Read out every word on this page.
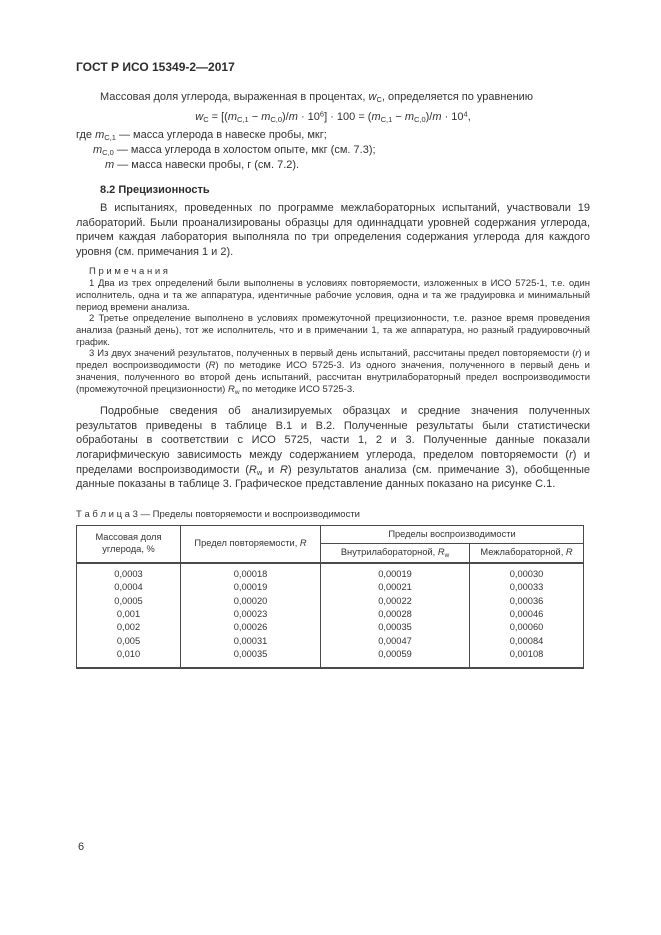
ГОСТ Р ИСО 15349-2—2017

Массовая доля углерода, выраженная в процентах, $w_C$, определяется по уравнению

$w_C = [(m_{C,1} - m_{C,0})/m \cdot 10^6] \cdot 100 = (m_{C,1} - m_{C,0})/m \cdot 10^4$,

где $m_{C,1}$ — масса углерода в навеске пробы, мкг;

$m_{C,0}$ — масса углерода в холостом опыте, мкг (см. 7.3);

m — масса навески пробы, г (см. 7.2).

8.2 Прецизионность

В испытаниях, проведенных по программе межлабораторных испытаний, участвовали 19 лабораторий. Были проанализированы образцы для одиннадцати уровней содержания углерода, причем каждая лаборатория выполняла по три определения содержания углерода для каждого уровня (см. примечания 1 и 2).

П р и м е ч а н и я

1 Два из трех определений были выполнены в условиях повторяемости, изложенных в ИСО 5725-1, т.е. один исполнитель, одна и та же аппаратура, идентичные рабочие условия, одна и та же градуировка и минимальный период времени анализа.

2 Третье определение выполнено в условиях промежуточной прецизионности, т.е. разное время проведения анализа (разный день), тот же исполнитель, что и в примечании 1, та же аппаратура, но разный градуировочный график.

3 Из двух значений результатов, полученных в первый день испытаний, рассчитаны предел повторяемости (r) и предел воспроизводимости (R) по методике ИСО 5725-3. Из одного значения, полученного в первый день и значения, полученного во второй день испытаний, рассчитан внутрилабораторный предел воспроизводимости (промежуточной прецизионности) $R_w$ по методике ИСО 5725-3.

Подробные сведения об анализируемых образцах и средние значения полученных результатов приведены в таблице В.1 и В.2. Полученные результаты были статистически обработаны в соответствии с ИСО 5725, части 1, 2 и 3. Полученные данные показали логарифмическую зависимость между содержанием углерода, пределом повторяемости (r) и пределами воспроизводимости ($R_w$ и R) результатов анализа (см. примечание 3), обобщенные данные показаны в таблице 3. Графическое представление данных показано на рисунке С.1.

Т а б л и ц а 3 — Пределы повторяемости и воспроизводимости

Массовая доля углерода, %	Предел повторяемости, R	Пределы воспроизводимости	
		Внутрилабораторной, $R_w$	Межлабораторной, R
0,0003	0,00018	0,00019	0,00030
0,0004	0,00019	0,00021	0,00033
0,0005	0,00020	0,00022	0,00036
0,001	0,00023	0,00028	0,00046
0,002	0,00026	0,00035	0,00060
0,005	0,00031	0,00047	0,00084
0,010	0,00035	0,00059	0,00108
6
